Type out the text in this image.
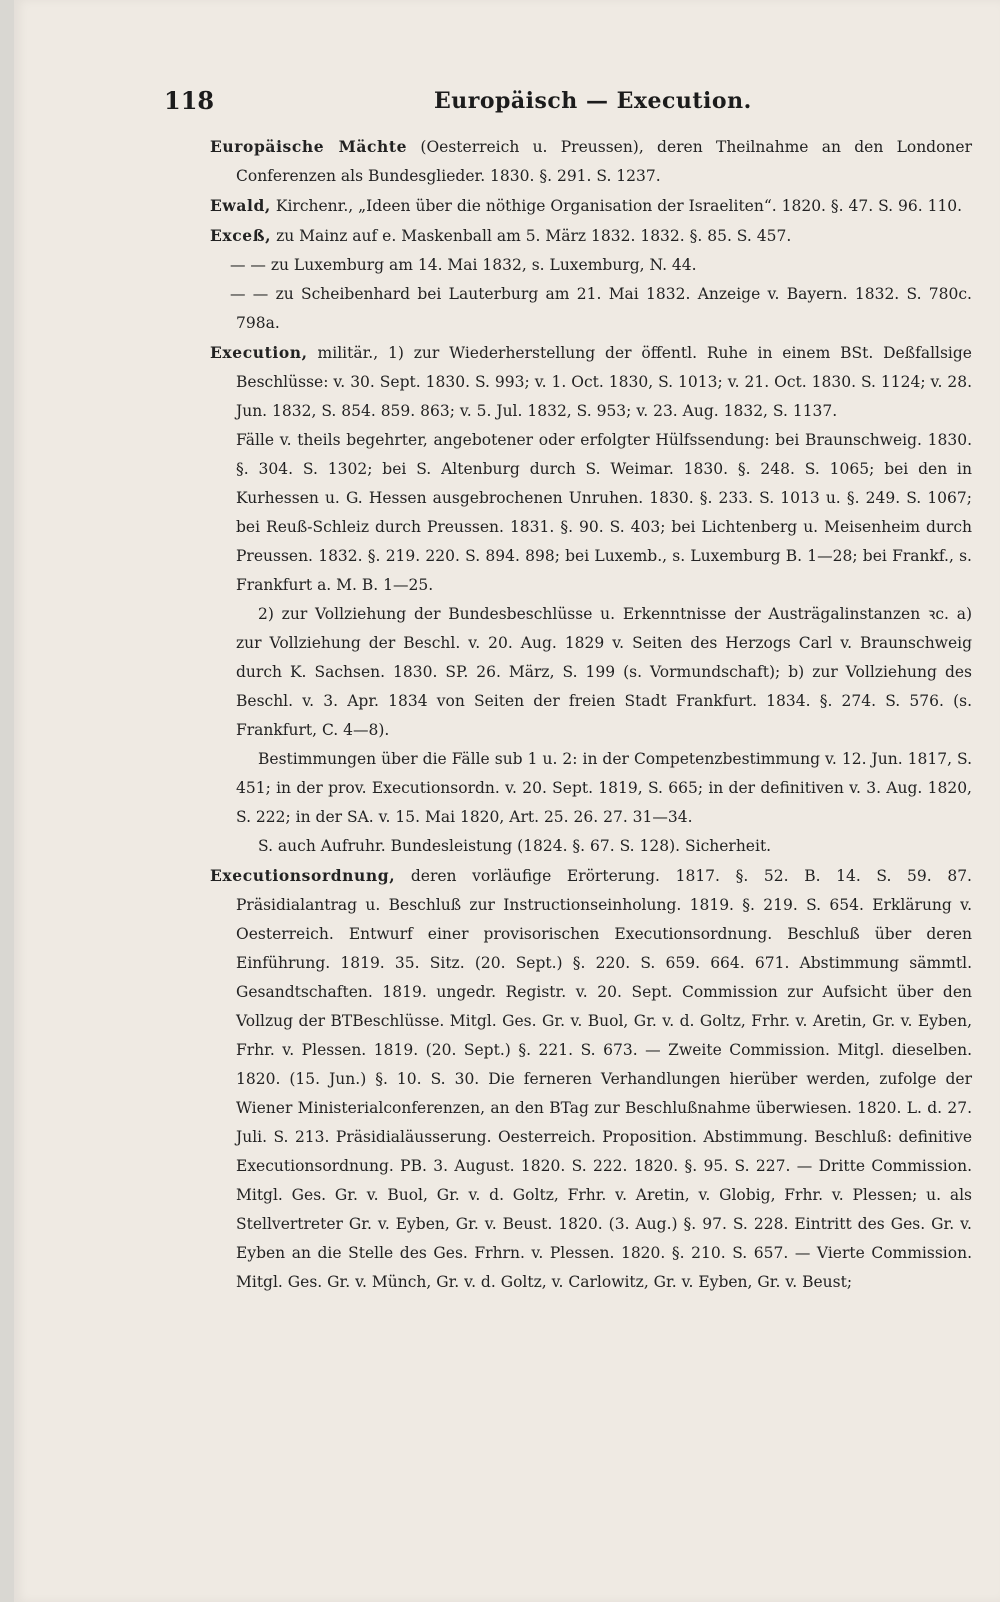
118	Europäisch — Execution.

Europäische Mächte (Oesterreich u. Preussen), deren Theilnahme an den Londoner Conferenzen als Bundesglieder. 1830. §. 291. S. 1237.

Ewald, Kirchenr., „Ideen über die nöthige Organisation der Israeliten“. 1820. §. 47. S. 96. 110.

Exceß, zu Mainz auf e. Maskenball am 5. März 1832. 1832. §. 85. S. 457.

— — zu Luxemburg am 14. Mai 1832, s. Luxemburg, N. 44.

— — zu Scheibenhard bei Lauterburg am 21. Mai 1832. Anzeige v. Bayern. 1832. S. 780c. 798a.

Execution, militär., 1) zur Wiederherstellung der öffentl. Ruhe in einem BSt. Deßfallsige Beschlüsse: v. 30. Sept. 1830. S. 993; v. 1. Oct. 1830, S. 1013; v. 21. Oct. 1830. S. 1124; v. 28. Jun. 1832, S. 854. 859. 863; v. 5. Jul. 1832, S. 953; v. 23. Aug. 1832, S. 1137.

Fälle v. theils begehrter, angebotener oder erfolgter Hülfssendung: bei Braunschweig. 1830. §. 304. S. 1302; bei S. Altenburg durch S. Weimar. 1830. §. 248. S. 1065; bei den in Kurhessen u. G. Hessen ausgebrochenen Unruhen. 1830. §. 233. S. 1013 u. §. 249. S. 1067; bei Reuß-Schleiz durch Preussen. 1831. §. 90. S. 403; bei Lichtenberg u. Meisenheim durch Preussen. 1832. §. 219. 220. S. 894. 898; bei Luxemb., s. Luxemburg B. 1—28; bei Frankf., s. Frankfurt a. M. B. 1—25.

2) zur Vollziehung der Bundesbeschlüsse u. Erkenntnisse der Austrägalinstanzen ꝛc. a) zur Vollziehung der Beschl. v. 20. Aug. 1829 v. Seiten des Herzogs Carl v. Braunschweig durch K. Sachsen. 1830. SP. 26. März, S. 199 (s. Vormundschaft); b) zur Vollziehung des Beschl. v. 3. Apr. 1834 von Seiten der freien Stadt Frankfurt. 1834. §. 274. S. 576. (s. Frankfurt, C. 4—8).

Bestimmungen über die Fälle sub 1 u. 2: in der Competenzbestimmung v. 12. Jun. 1817, S. 451; in der prov. Executionsordn. v. 20. Sept. 1819, S. 665; in der definitiven v. 3. Aug. 1820, S. 222; in der SA. v. 15. Mai 1820, Art. 25. 26. 27. 31—34.

S. auch Aufruhr. Bundesleistung (1824. §. 67. S. 128). Sicherheit.

Executionsordnung, deren vorläufige Erörterung. 1817. §. 52. B. 14. S. 59. 87. Präsidialantrag u. Beschluß zur Instructionseinholung. 1819. §. 219. S. 654. Erklärung v. Oesterreich. Entwurf einer provisorischen Executionsordnung. Beschluß über deren Einführung. 1819. 35. Sitz. (20. Sept.) §. 220. S. 659. 664. 671. Abstimmung sämmtl. Gesandtschaften. 1819. ungedr. Registr. v. 20. Sept. Commission zur Aufsicht über den Vollzug der BTBeschlüsse. Mitgl. Ges. Gr. v. Buol, Gr. v. d. Goltz, Frhr. v. Aretin, Gr. v. Eyben, Frhr. v. Plessen. 1819. (20. Sept.) §. 221. S. 673. — Zweite Commission. Mitgl. dieselben. 1820. (15. Jun.) §. 10. S. 30. Die ferneren Verhandlungen hierüber werden, zufolge der Wiener Ministerialconferenzen, an den BTag zur Beschlußnahme überwiesen. 1820. L. d. 27. Juli. S. 213. Präsidialäusserung. Oesterreich. Proposition. Abstimmung. Beschluß: definitive Executionsordnung. PB. 3. August. 1820. S. 222. 1820. §. 95. S. 227. — Dritte Commission. Mitgl. Ges. Gr. v. Buol, Gr. v. d. Goltz, Frhr. v. Aretin, v. Globig, Frhr. v. Plessen; u. als Stellvertreter Gr. v. Eyben, Gr. v. Beust. 1820. (3. Aug.) §. 97. S. 228. Eintritt des Ges. Gr. v. Eyben an die Stelle des Ges. Frhrn. v. Plessen. 1820. §. 210. S. 657. — Vierte Commission. Mitgl. Ges. Gr. v. Münch, Gr. v. d. Goltz, v. Carlowitz, Gr. v. Eyben, Gr. v. Beust;
